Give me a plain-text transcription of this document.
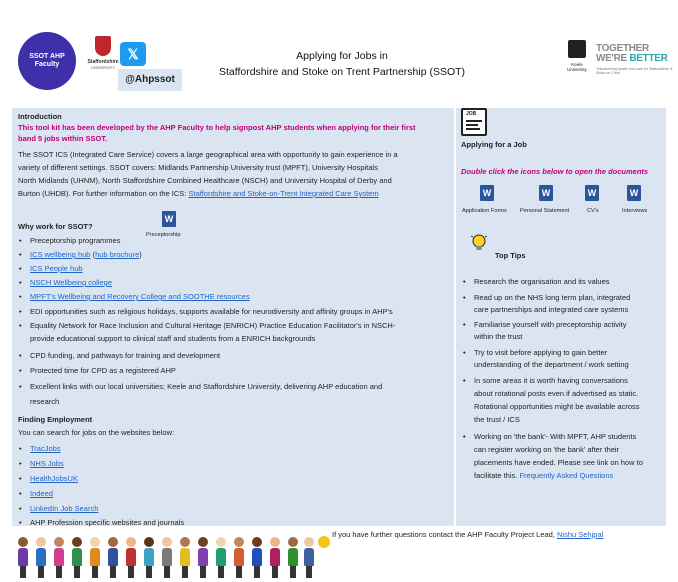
SSOT AHP
Faculty	Staffordshire
UNIVERSITY
𝕏
@Ahpssot
Applying for Jobs in
Staffordshire and Stoke on Trent Partnership (SSOT)
Keele
University
TOGETHER
WE'RE BETTER
Transforming health and care for Staffordshire & Stoke-on-Trent
Introduction
This tool kit has been developed by the AHP Faculty to help signpost AHP students when applying for their first
band 5 jobs within SSOT.
The SSOT ICS (Integrated Care Service) covers a large geographical area with opportunity to gain experience in a
variety of different settings. SSOT covers: Midlands Partnership University trust (MPFT), University Hospitals
North Midlands (UHNM), North Staffordshire Combined Healthcare (NSCH) and University Hospital of Derby and
Burton (UHDB). For further information on the ICS: Staffordshire and Stoke-on-Trent Integrated Care System
Why work for SSOT?
W
Preceptorship
• Preceptorship programmes
• ICS wellbeing hub (hub brochure)
• ICS People hub
• NSCH Wellbeing college
• MPFT's Wellbeing and Recovery College and SOOTHE resources
• EDI opportunities such as religious holidays, supports available for neurodiversity and affinity groups in AHP's
• Equality Network for Race Inclusion and Cultural Heritage (ENRICH) Practice Education Facilitator's in NSCH-
provide educational support to clinical staff and students from a ENRICH backgrounds
• CPD funding, and pathways for training and development
• Protected time for CPD as a registered AHP
• Excellent links with our local universities; Keele and Staffordshire University, delivering AHP education and
research
Finding Employment
You can search for jobs on the websites below:
• TracJobs
• NHS Jobs
• HealthJobsUK
• Indeed
• LinkedIn Job Search
• AHP Profession specific websites and journals
JOB
Applying for a Job
Double click the icons below to open the documents
W
Application Forms
W Personal Statement
W	CV's
W	Interviews
Top Tips
• Research the organisation and its values
• Read up on the NHS long term plan, integrated
care partnerships and integrated care systems
• Familiarise yourself with preceptorship activity
within the trust
• Try to visit before applying to gain better
understanding of the department / work setting
• In some areas it is worth having conversations
about rotational posts even if advertised as static.
Rotational opportunities might be available across
the trust / ICS
• Working on 'the bank'- With MPFT, AHP students
can register working on 'the bank' after their
placements have ended. Please see link on how to
facilitate this. Frequently Asked Questions
If you have further questions contact the AHP Faculty Project Lead, Nishu Sehjpal
